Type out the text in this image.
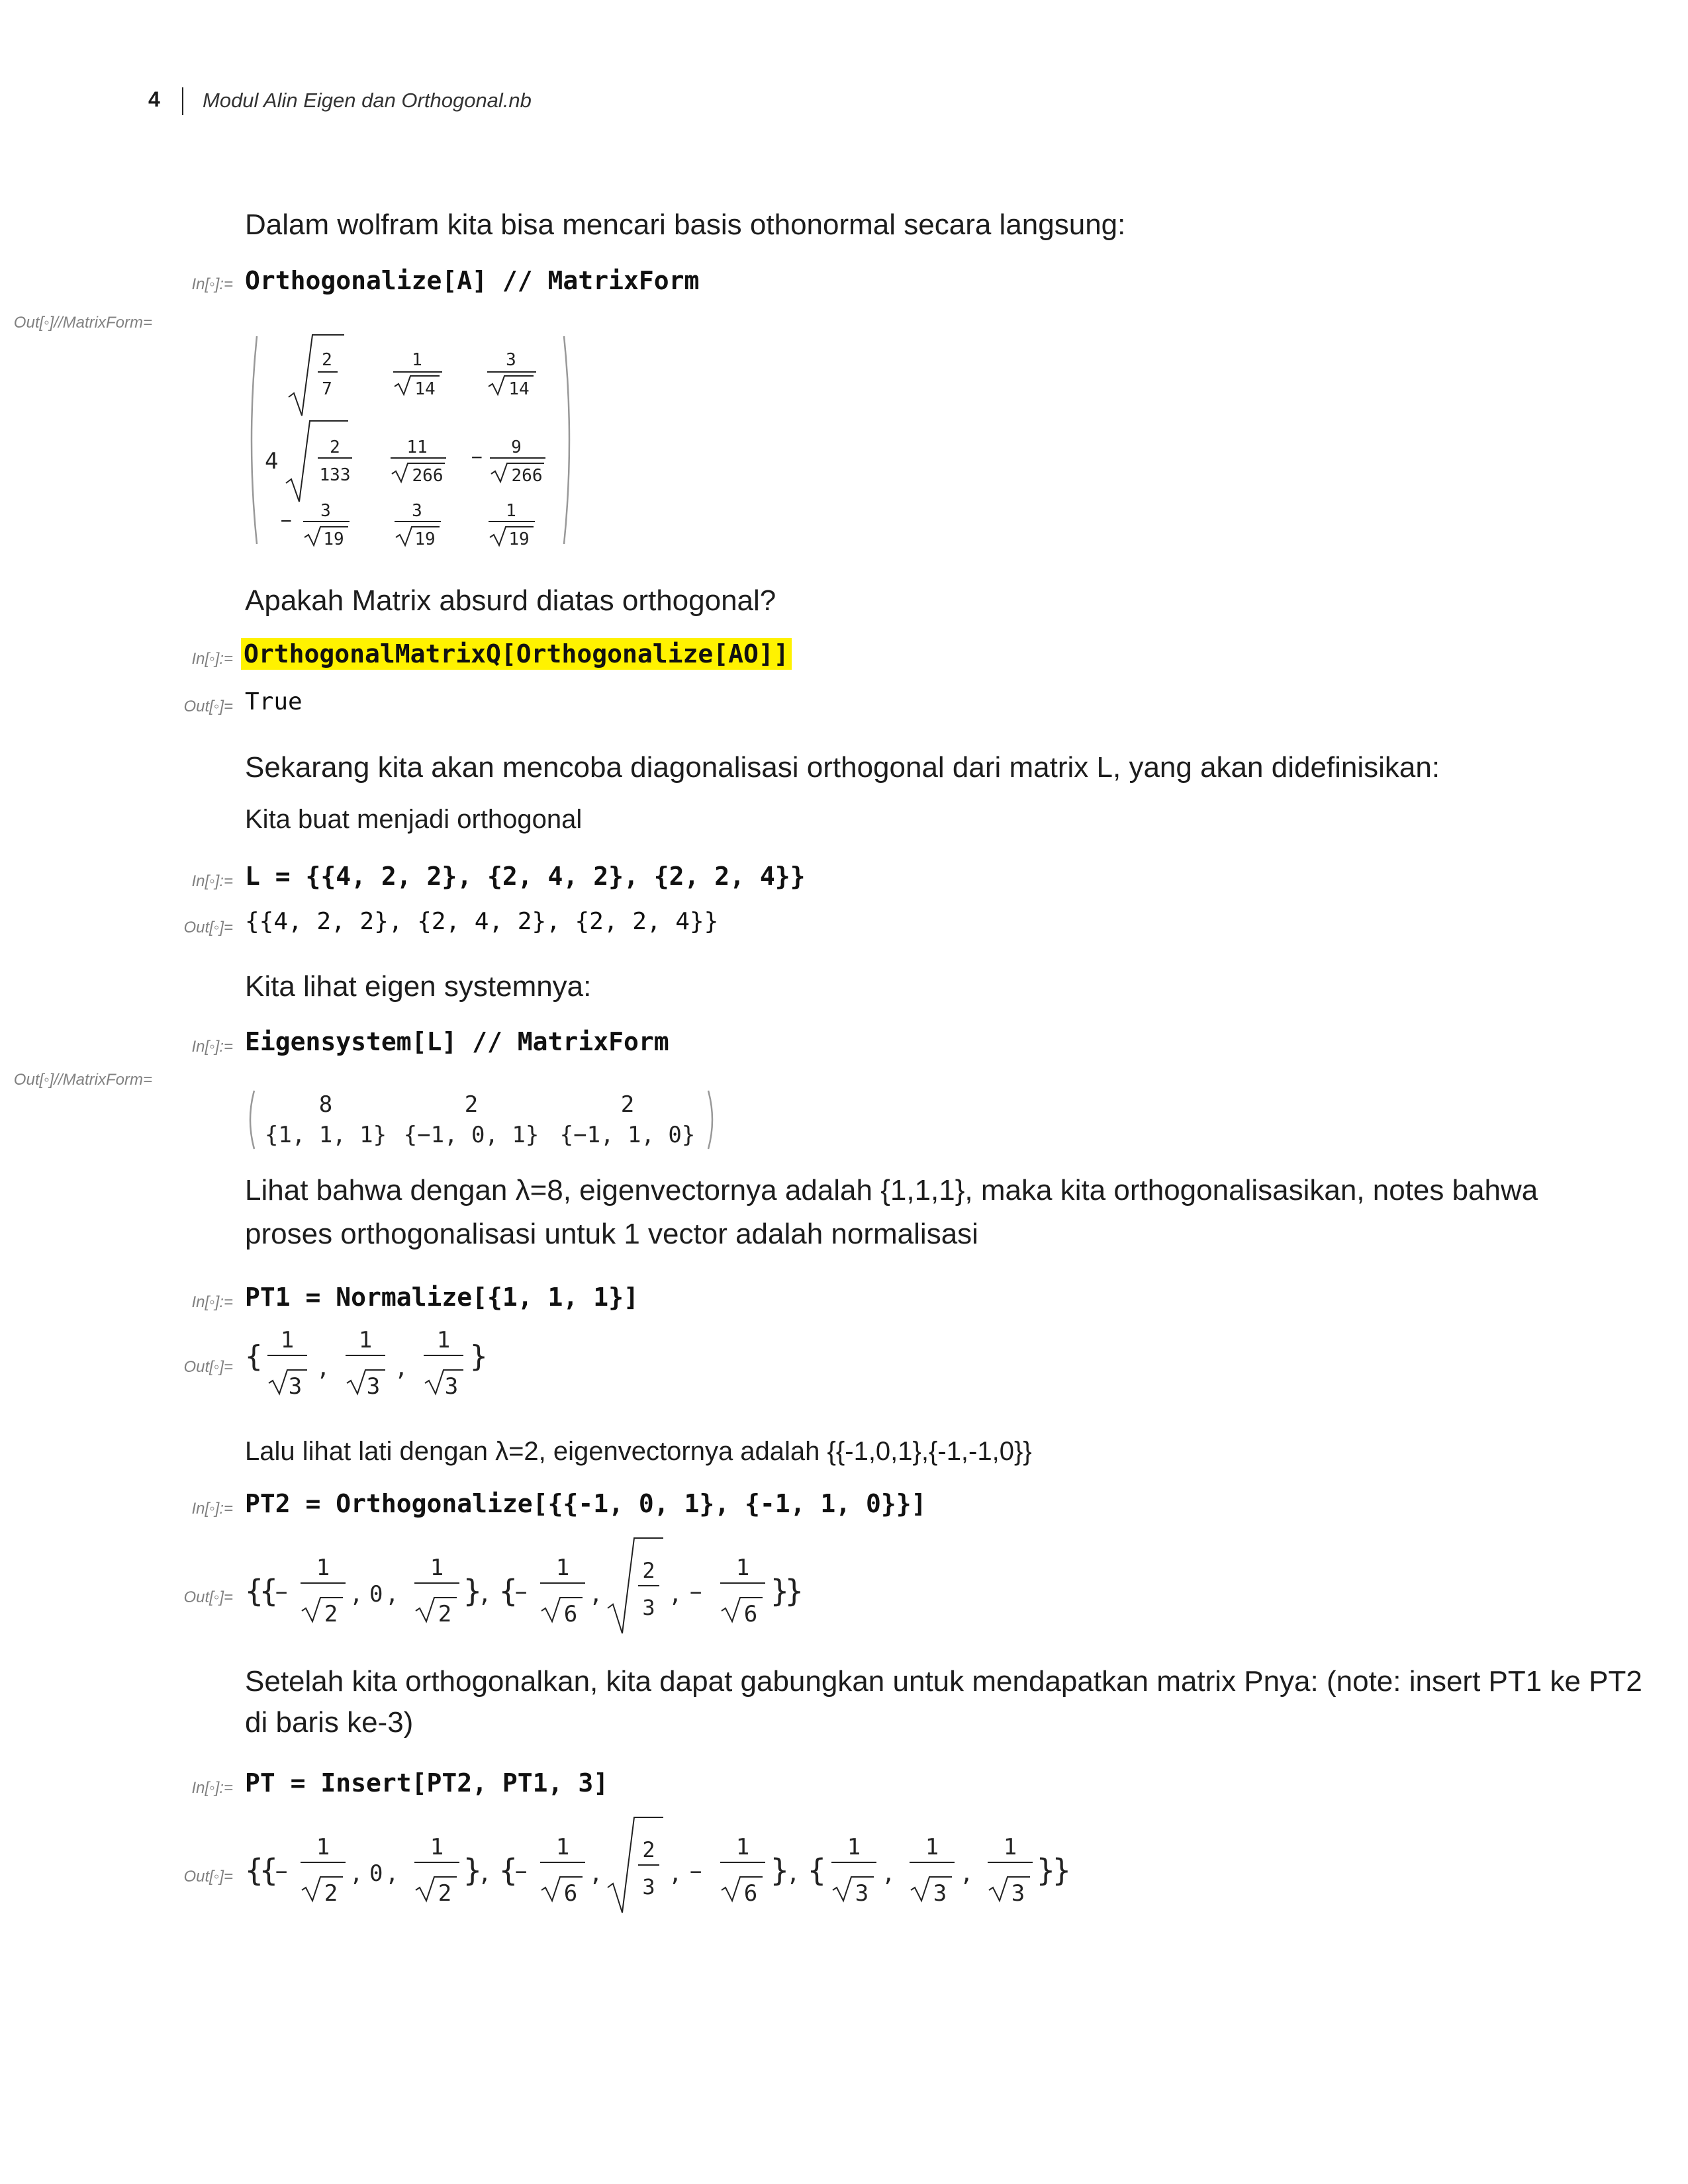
4 Modul Alin Eigen dan Orthogonal.nb
Dalam wolfram kita bisa mencari basis othonormal secara langsung:
In[◦]:= Orthogonalize[A] // MatrixForm
Out[◦]//MatrixForm=
2
7
1
14
3
14
4
2
133
11
266
− 9
266
− 3
19
3
19
1
19
Apakah Matrix absurd diatas orthogonal?
In[◦]:= OrthogonalMatrixQ[Orthogonalize[AO]]
Out[◦]= True
Sekarang kita akan mencoba diagonalisasi orthogonal dari matrix L, yang akan didefinisikan:
Kita buat menjadi orthogonal
In[◦]:= L = {{4, 2, 2}, {2, 4, 2}, {2, 2, 4}}
Out[◦]= {{4, 2, 2}, {2, 4, 2}, {2, 2, 4}}
Kita lihat eigen systemnya:
In[◦]:= Eigensystem[L] // MatrixForm
Out[◦]//MatrixForm=
8	2	2
{1, 1, 1} {−1, 0, 1} {−1, 1, 0}
Lihat bahwa dengan λ=8, eigenvectornya adalah {1,1,1}, maka kita orthogonalisasikan, notes bahwa
proses orthogonalisasi untuk 1 vector adalah normalisasi
In[◦]:= PT1 = Normalize[{1, 1, 1}]
Out[◦]= { 1
3
,
1
3
,
1
3
}
Lalu lihat lati dengan λ=2, eigenvectornya adalah {{-1,0,1},{-1,-1,0}}
In[◦]:= PT2 = Orthogonalize[{{-1, 0, 1}, {-1, 1, 0}}]
Out[◦]= {
{
−
1
2
, 0 ,
1
2
}
, {
−
1
6
,
2
3 , −
1
6
}
}
Setelah kita orthogonalkan, kita dapat gabungkan untuk mendapatkan matrix Pnya: (note: insert PT1 ke PT2
di baris ke-3)
In[◦]:= PT = Insert[PT2, PT1, 3]
Out[◦]= {
{
−
1
2
, 0 ,
1
2
}
, {
−
1
6
,
2
3 , −
1
6
}
, {
1
3
,
1
3
,
1
3
}
}
